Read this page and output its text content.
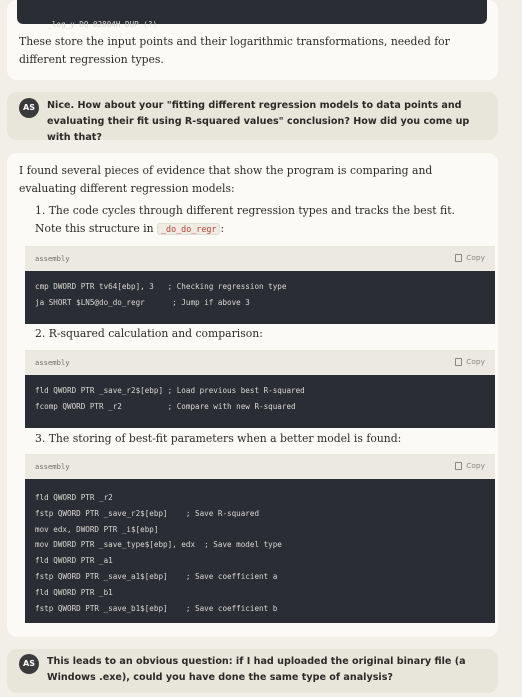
_log_y DQ 02804H DUP (?)

These store the input points and their logarithmic transformations, needed for different regression types.
AS	Nice. How about your "fitting different regression models to data points and evaluating their fit using R-squared values" conclusion? How did you come up with that?
I found several pieces of evidence that show the program is comparing and evaluating different regression models:
1. The code cycles through different regression types and tracks the best fit. Note this structure in _do_do_regr :
assembly	Copy
cmp DWORD PTR tv64[ebp], 3   ; Checking regression type
ja SHORT $LN5@do_do_regr      ; Jump if above 3
2. R-squared calculation and comparison:
assembly	Copy
fld QWORD PTR _save_r2$[ebp] ; Load previous best R-squared
fcomp QWORD PTR _r2          ; Compare with new R-squared
3. The storing of best-fit parameters when a better model is found:
assembly	Copy
fld QWORD PTR _r2
fstp QWORD PTR _save_r2$[ebp]    ; Save R-squared
mov edx, DWORD PTR _i$[ebp]
mov DWORD PTR _save_type$[ebp], edx  ; Save model type
fld QWORD PTR _a1
fstp QWORD PTR _save_a1$[ebp]    ; Save coefficient a
fld QWORD PTR _b1
fstp QWORD PTR _save_b1$[ebp]    ; Save coefficient b
AS	This leads to an obvious question: if I had uploaded the original binary file (a Windows .exe), could you have done the same type of analysis?
